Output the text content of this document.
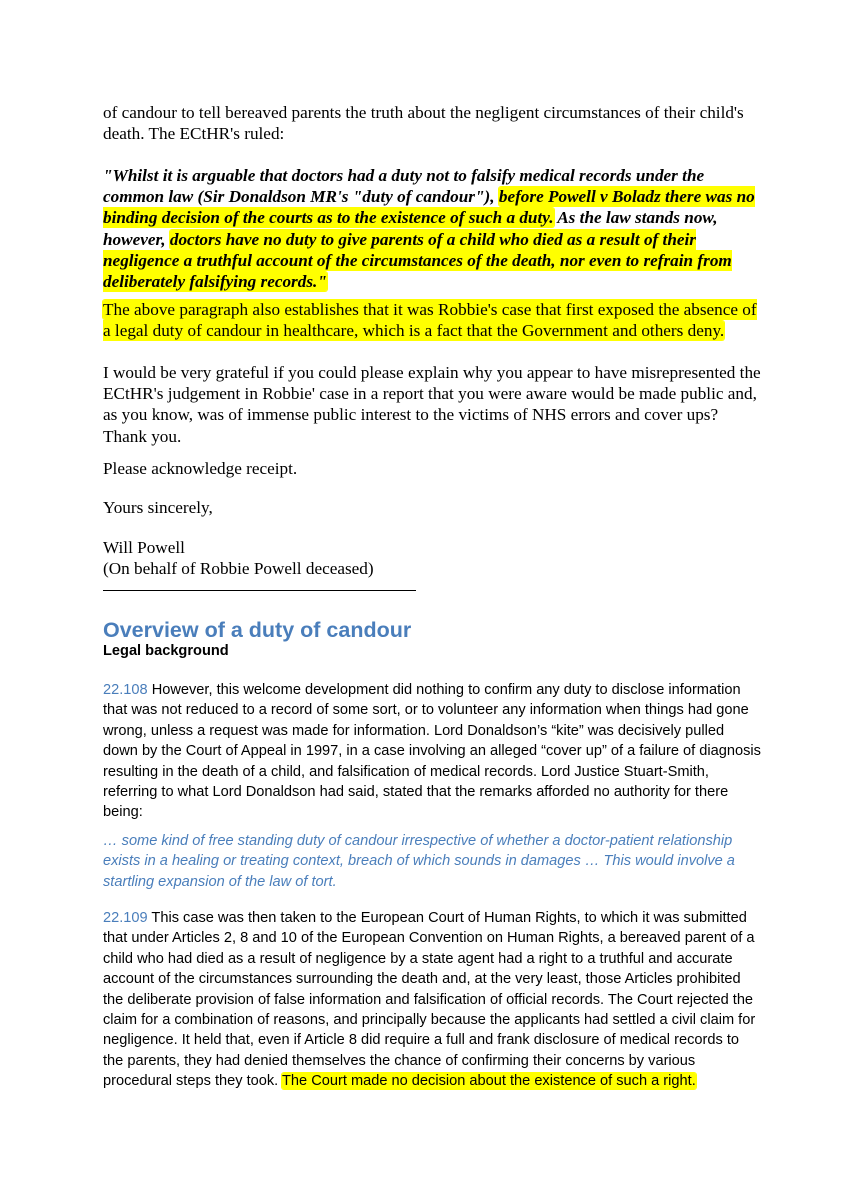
of candour to tell bereaved parents the truth about the negligent circumstances of their child's death. The ECtHR's ruled:

"Whilst it is arguable that doctors had a duty not to falsify medical records under the common law (Sir Donaldson MR's "duty of candour"), before Powell v Boladz there was no binding decision of the courts as to the existence of such a duty. As the law stands now, however, doctors have no duty to give parents of a child who died as a result of their negligence a truthful account of the circumstances of the death, nor even to refrain from deliberately falsifying records."

The above paragraph also establishes that it was Robbie's case that first exposed the absence of a legal duty of candour in healthcare, which is a fact that the Government and others deny.

I would be very grateful if you could please explain why you appear to have misrepresented the ECtHR's judgement in Robbie' case in a report that you were aware would be made public and, as you know, was of immense public interest to the victims of NHS errors and cover ups? Thank you.

Please acknowledge receipt.

Yours sincerely,

Will Powell
(On behalf of Robbie Powell deceased)

Overview of a duty of candour
Legal background

22.108 However, this welcome development did nothing to confirm any duty to disclose information that was not reduced to a record of some sort, or to volunteer any information when things had gone wrong, unless a request was made for information. Lord Donaldson’s “kite” was decisively pulled down by the Court of Appeal in 1997, in a case involving an alleged “cover up” of a failure of diagnosis resulting in the death of a child, and falsification of medical records. Lord Justice Stuart-Smith, referring to what Lord Donaldson had said, stated that the remarks afforded no authority for there being:

… some kind of free standing duty of candour irrespective of whether a doctor-patient relationship exists in a healing or treating context, breach of which sounds in damages … This would involve a startling expansion of the law of tort.

22.109 This case was then taken to the European Court of Human Rights, to which it was submitted that under Articles 2, 8 and 10 of the European Convention on Human Rights, a bereaved parent of a child who had died as a result of negligence by a state agent had a right to a truthful and accurate account of the circumstances surrounding the death and, at the very least, those Articles prohibited the deliberate provision of false information and falsification of official records. The Court rejected the claim for a combination of reasons, and principally because the applicants had settled a civil claim for negligence. It held that, even if Article 8 did require a full and frank disclosure of medical records to the parents, they had denied themselves the chance of confirming their concerns by various procedural steps they took. The Court made no decision about the existence of such a right.
